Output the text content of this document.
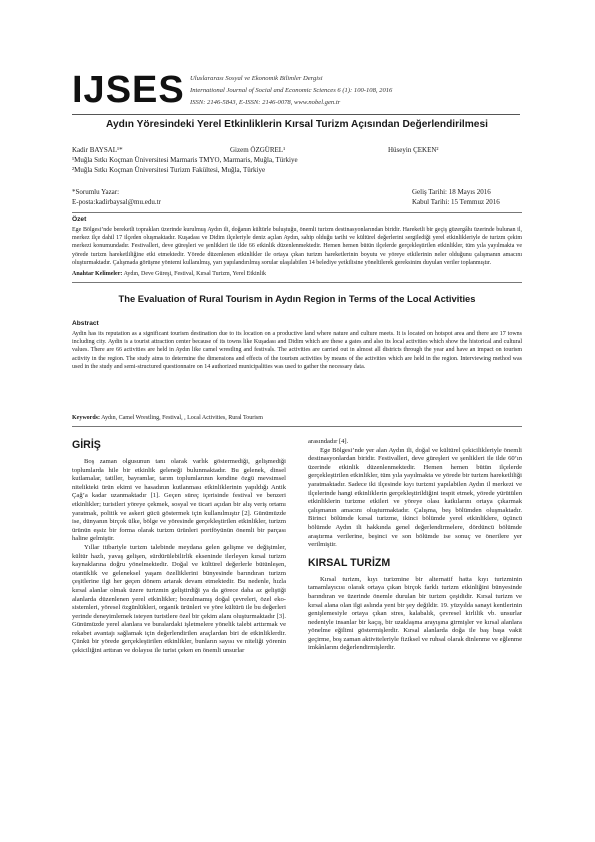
IJSES Uluslararası Sosyal ve Ekonomik Bilimler Dergisi
International Journal of Social and Economic Sciences 6 (1): 100-108, 2016
ISSN: 2146-5843, E-ISSN: 2146-0078, www.nobel.gen.tr
Aydın Yöresindeki Yerel Etkinliklerin Kırsal Turizm Açısından Değerlendirilmesi
Kadir BAYSAL¹*	Gizem ÖZGÜREL¹	Hüseyin ÇEKEN²
¹Muğla Sıtkı Koçman Üniversitesi Marmaris TMYO, Marmaris, Muğla, Türkiye
²Muğla Sıtkı Koçman Üniversitesi Turizm Fakültesi, Muğla, Türkiye
*Sorumlu Yazar:
E-posta:kadirbaysal@mu.edu.tr
Geliş Tarihi: 18 Mayıs 2016
Kabul Tarihi: 15 Temmuz 2016
Özet
Ege Bölgesi’nde bereketli toprakları üzerinde kurulmuş Aydın ili, doğanın kültürle buluştuğu, önemli turizm destinasyonlarından biridir. Hareketli bir geçiş güzergâhı üzerinde bulunan il, merkez ilçe dahil 17 ilçeden oluşmaktadır. Kuşadası ve Didim ilçeleriyle deniz açılan Aydın, sahip olduğu tarihi ve kültürel değerlerini sergilediği yerel etkinlikleriyle de turizm çekim merkezi konumundadır. Festivalleri, deve güreşleri ve şenlikleri ile ilde 66 etkinlik düzenlenmektedir. Hemen hemen bütün ilçelerde gerçekleştirilen etkinlikler, tüm yıla yayılmakta ve yörede turizm hareketliliğine etki etmektedir. Yörede düzenlenen etkinlikler ile ortaya çıkan turizm hareketlerinin boyutu ve yöreye etkilerinin neler olduğunu çalışmanın amacını oluşturmaktadır. Çalışmada görüşme yöntemi kullanılmış, yarı yapılandırılmış sorular ulaşılabilen 14 belediye yetkilisine yöneltilerek gereksinim duyulan veriler toplanmıştır.
Anahtar Kelimeler: Aydın, Deve Güreşi, Festival, Kırsal Turizm, Yerel Etkinlik
The Evaluation of Rural Tourism in Aydın Region in Terms of the Local Activities
Abstract
Aydin has its reputation as a significant tourism destination due to its location on a productive land where nature and culture meets. It is located on hotspot area and there are 17 towns including city. Aydin is a tourist attraction center because of its towns like Kuşadası and Didim which are these a gates and also its local activities which show the historical and cultural values. There are 66 activities are held in Aydın like camel wrestling and festivals. The activities are carried out in almost all districts through the year and have an impact on tourism activity in the region. The study aims to determine the dimensions and effects of the tourism activities by means of the activities which are held in the region. Interviewing method was used in the study and semi-structured questionnaire on 14 authorized municipalities was used to gather the necessary data.
Keywords: Aydın, Camel Wrestling, Festival, , Local Activities, Rural Tourism
GİRİŞ

Boş zaman olgusunun tanı olarak varlık göstermediği, gelişmediği toplumlarda hile bir etkinlik geleneği bulunmaktadır. Bu gelenek, dinsel kutlamalar, tatiller, bayramlar, tarım toplumlarının kendine özgü mevsimsel nitelikteki ürün ekimi ve hasadının kutlanması etkinliklerinin yapıldığı Antik Çağ’a kadar uzanmaktadır [1]. Geçen süreç içerisinde festival ve benzeri etkinlikler; turistleri yöreye çekmek, sosyal ve ticari açıdan bir alış veriş ortamı yaratmak, politik ve askeri gücü göstermek için kullanılmıştır [2]. Günümüzde ise, dünyanın birçok ülke, bölge ve yöresinde gerçekleştirilen etkinlikler, turizm ürünün eşsiz bir forma olarak turizm ürünleri portföyünün önemli bir parçası haline gelmiştir.

Yıllar itibariyle turizm talebinde meydana gelen gelişme ve değişimler, kültür hazlı, yavaş gelişen, sürdürülebilirlik ekseninde ilerleyen kırsal turizm kaynaklarına doğru yönelmektedir. Doğal ve kültürel değerlerle bütünleşen, otantiklik ve geleneksel yaşam özelliklerini bünyesinde barındıran turizm çeşitlerine ilgi her geçen dönem artarak devam etmektedir. Bu nedenle, hızla kırsal alanlar olmak üzere turizmin geliştirdiği ya da görece daha az geliştiği alanlarda düzenlenen yerel etkinlikler; bozulmamış doğal çevreleri, özel eko-sistemleri, yöresel özgünlükleri, organik ürünleri ve yöre kültürü ile bu değerleri yerinde deneyimlemek isteyen turistlere özel bir çekim alanı oluşturmaktadır [3]. Günümüzde yerel alanlara ve buralardaki işletmelere yönelik talebi arttırmak ve rekabet avantajı sağlamak için değerlendirilen araçlardan biri de etkinliklerdir. Çünkü bir yörede gerçekleştirilen etkinlikler, bunların sayısı ve niteliği yörenin çekiciliğini arttıran ve dolayısı ile turist çeken en önemli unsurlar

arasındadır [4].

Ege Bölgesi’nde yer alan Aydın ili, doğal ve kültürel çekicilikleriyle önemli destinasyonlardan biridir. Festivalleri, deve güreşleri ve şenlikleri ile ilde 60’ın üzerinde etkinlik düzenlenmektedir. Hemen hemen bütün ilçelerde gerçekleştirilen etkinlikler, tüm yıla yayılmakta ve yörede bir turizm hareketliliği yaratmaktadır. Sadece iki ilçesinde kıyı turizmi yapılabilen Aydın il merkezi ve ilçelerinde hangi etkinliklerin gerçekleştirildiğini tespit etmek, yörede yürütülen etkinliklerin turizme etkileri ve yöreye olası katkılarını ortaya çıkarmak çalışmanın amacını oluşturmaktadır. Çalışma, beş bölümden oluşmaktadır. Birinci bölümde kırsal turizme, ikinci bölümde yerel etkinliklere, üçüncü bölümde Aydın ili hakkında genel değerlendirmelere, dördüncü bölümde araştırma verilerine, beşinci ve son bölümde ise sonuç ve önerilere yer verilmiştir.

KIRSAL TURİZM

Kırsal turizm, kıyı turizmine bir alternatif hatta kıyı turizminin tamamlayıcısı olarak ortaya çıkan birçok farklı turizm etkinliğini bünyesinde barındıran ve üzerinde önemle durulan bir turizm çeşididir. Kırsal turizm ve kırsal alana olan ilgi aslında yeni bir şey değildir. 19. yüzyılda sanayi kentlerinin genişlemesiyle ortaya çıkan stres, kalabalık, çevresel kirlilik vb. unsurlar nedeniyle insanlar bir kaçış, bir uzaklaşma arayışına girmişler ve kırsal alanlara yönelme eğilimi göstermişlerdir. Kırsal alanlarda doğa ile baş başa vakit geçirme, boş zaman aktiviteleriyle fiziksel ve ruhsal olarak dinlenme ve eğlenme imkânlarını değerlendirmişlerdir.
